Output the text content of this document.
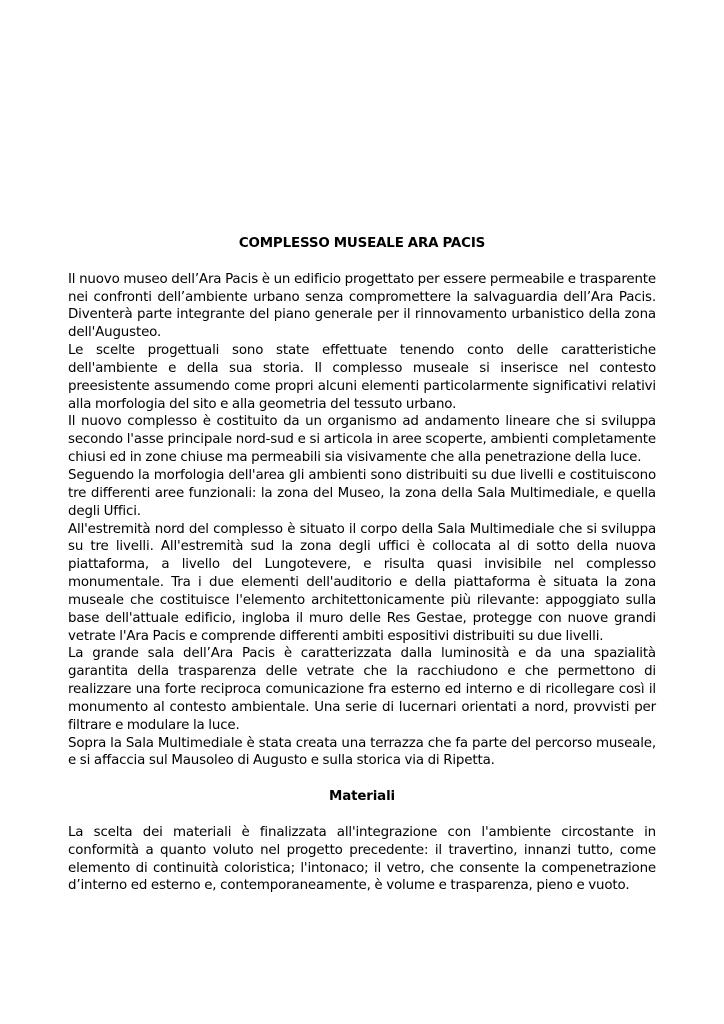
COMPLESSO MUSEALE ARA PACIS

Il nuovo museo dell’Ara Pacis è un edificio progettato per essere permeabile e trasparente nei confronti dell’ambiente urbano senza compromettere la salvaguardia dell’Ara Pacis. Diventerà parte integrante del piano generale per il rinnovamento urbanistico della zona dell'Augusteo.

Le scelte progettuali sono state effettuate tenendo conto delle caratteristiche dell'ambiente e della sua storia. Il complesso museale si inserisce nel contesto preesistente assumendo come propri alcuni elementi particolarmente significativi relativi alla morfologia del sito e alla geometria del tessuto urbano.

Il nuovo complesso è costituito da un organismo ad andamento lineare che si sviluppa secondo l'asse principale nord-sud e si articola in aree scoperte, ambienti completamente chiusi ed in zone chiuse ma permeabili sia visivamente che alla penetrazione della luce.

Seguendo la morfologia dell'area gli ambienti sono distribuiti su due livelli e costituiscono tre differenti aree funzionali: la zona del Museo, la zona della Sala Multimediale, e quella degli Uffici.

All'estremità nord del complesso è situato il corpo della Sala Multimediale che si sviluppa su tre livelli. All'estremità sud la zona degli uffici è collocata al di sotto della nuova piattaforma, a livello del Lungotevere, e risulta quasi invisibile nel complesso monumentale. Tra i due elementi dell'auditorio e della piattaforma è situata la zona museale che costituisce l'elemento architettonicamente più rilevante: appoggiato sulla base dell'attuale edificio, ingloba il muro delle Res Gestae, protegge con nuove grandi vetrate l'Ara Pacis e comprende differenti ambiti espositivi distribuiti su due livelli.

La grande sala dell’Ara Pacis è caratterizzata dalla luminosità e da una spazialità garantita della trasparenza delle vetrate che la racchiudono e che permettono di realizzare una forte reciproca comunicazione fra esterno ed interno e di ricollegare così il monumento al contesto ambientale. Una serie di lucernari orientati a nord, provvisti per filtrare e modulare la luce.

Sopra la Sala Multimediale è stata creata una terrazza che fa parte del percorso museale, e si affaccia sul Mausoleo di Augusto e sulla storica via di Ripetta.

Materiali

La scelta dei materiali è finalizzata all'integrazione con l'ambiente circostante in conformità a quanto voluto nel progetto precedente: il travertino, innanzi tutto, come elemento di continuità coloristica; l'intonaco; il vetro, che consente la compenetrazione d’interno ed esterno e, contemporaneamente, è volume e trasparenza, pieno e vuoto.
